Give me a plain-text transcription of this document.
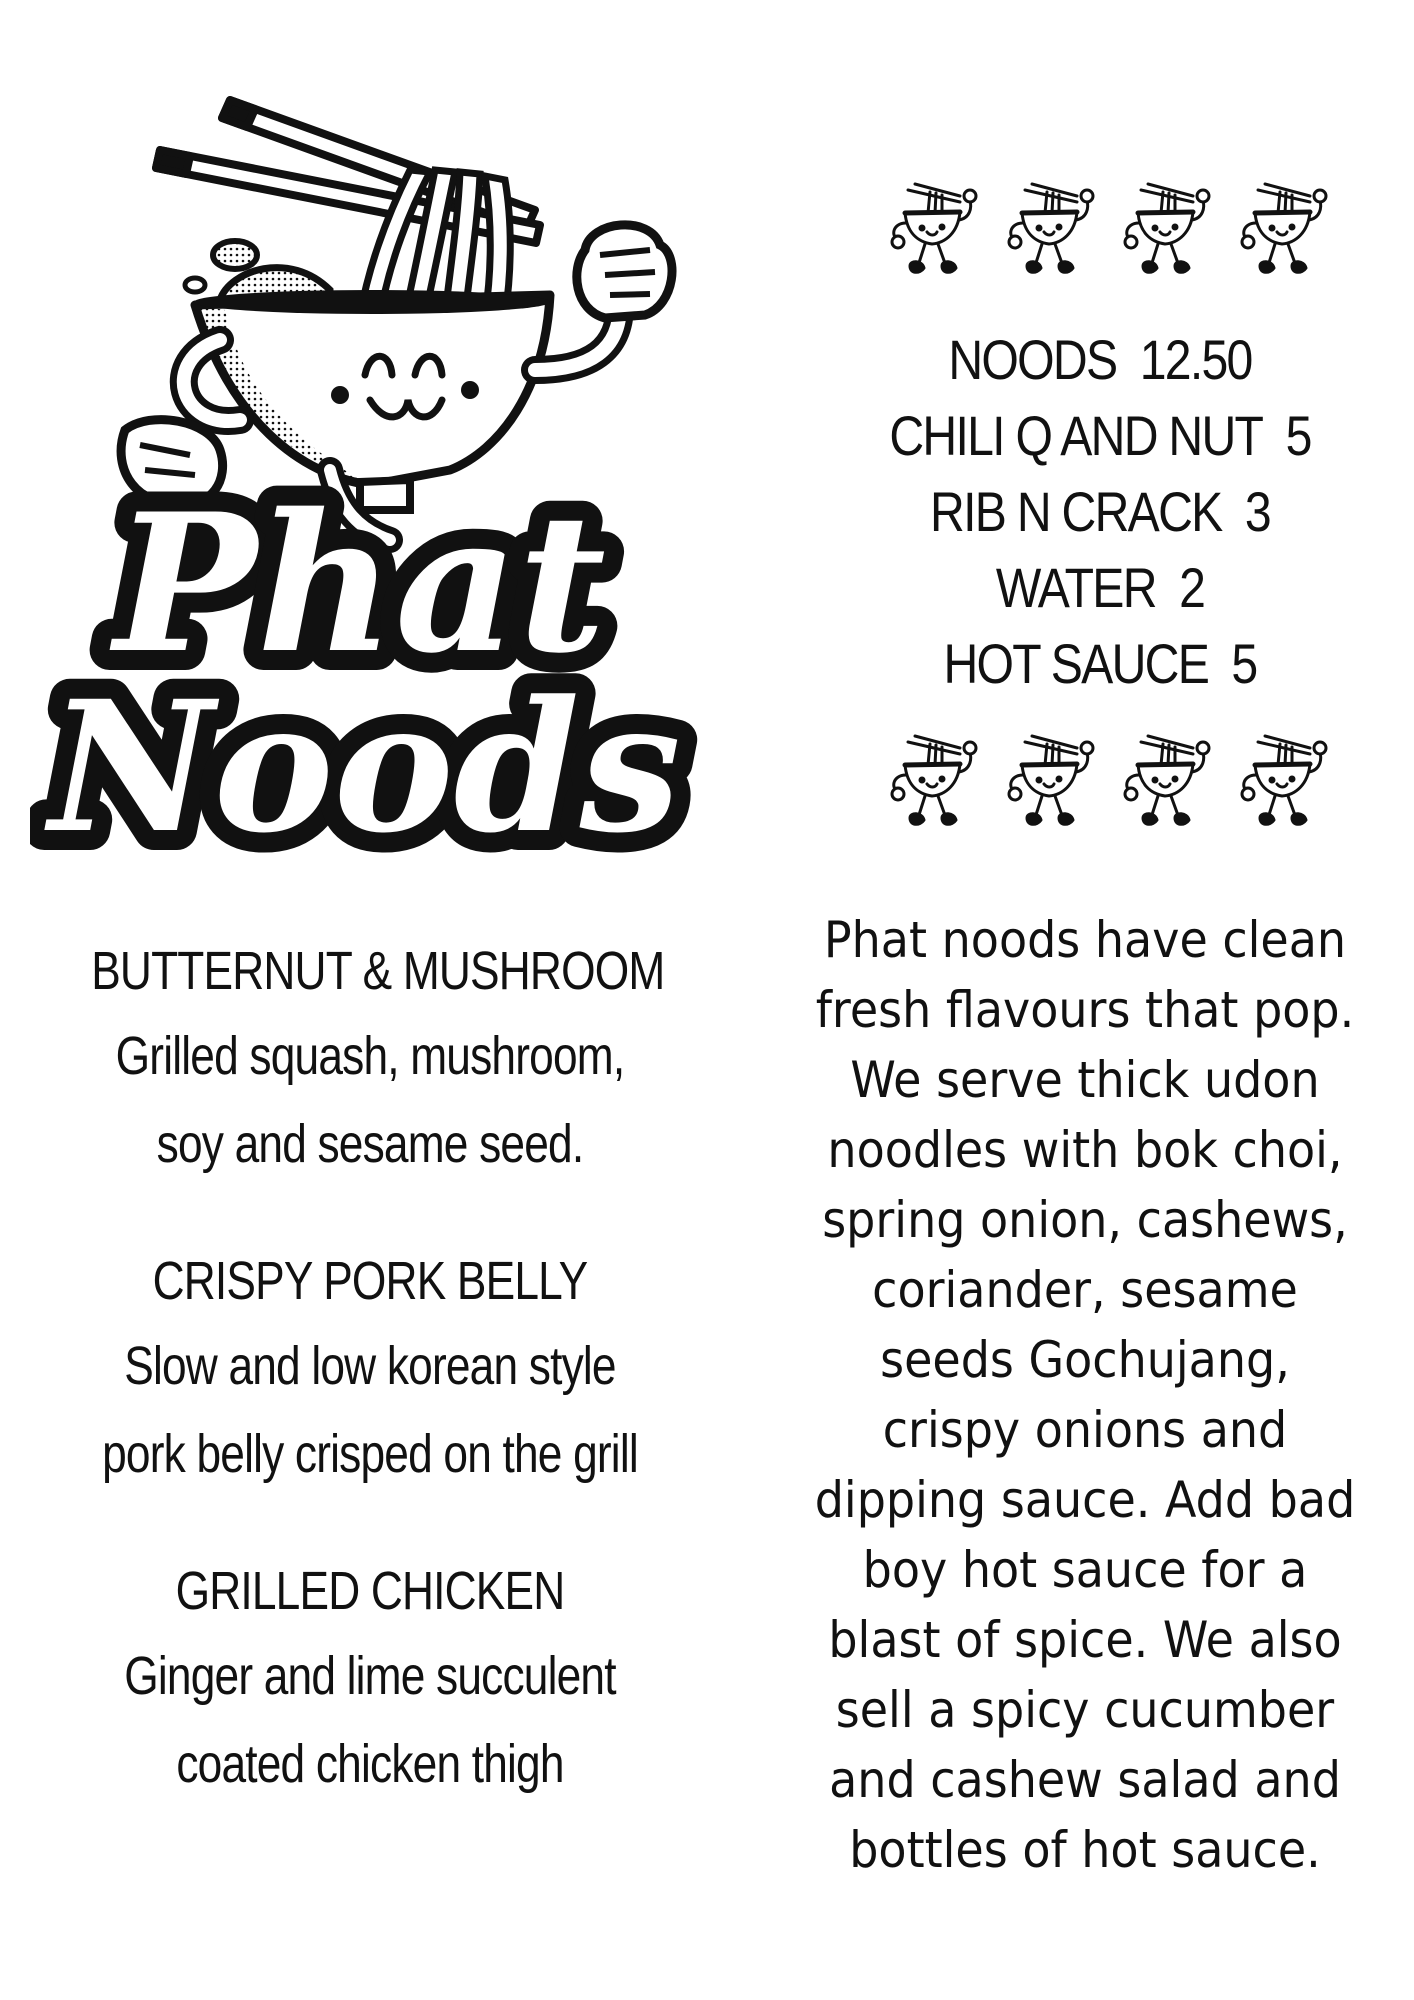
Phat
Noods
NOODS 12.50
CHILI Q AND NUT 5
RIB N CRACK 3
WATER 2
HOT SAUCE 5
BUTTERNUT & MUSHROOM
Grilled squash, mushroom,
soy and sesame seed.
CRISPY PORK BELLY
Slow and low korean style
pork belly crisped on the grill
GRILLED CHICKEN
Ginger and lime succulent
coated chicken thigh
Phat noods have clean fresh flavours that pop. We serve thick udon noodles with bok choi, spring onion, cashews, coriander, sesame seeds Gochujang, crispy onions and dipping sauce. Add bad boy hot sauce for a blast of spice. We also sell a spicy cucumber and cashew salad and bottles of hot sauce.
